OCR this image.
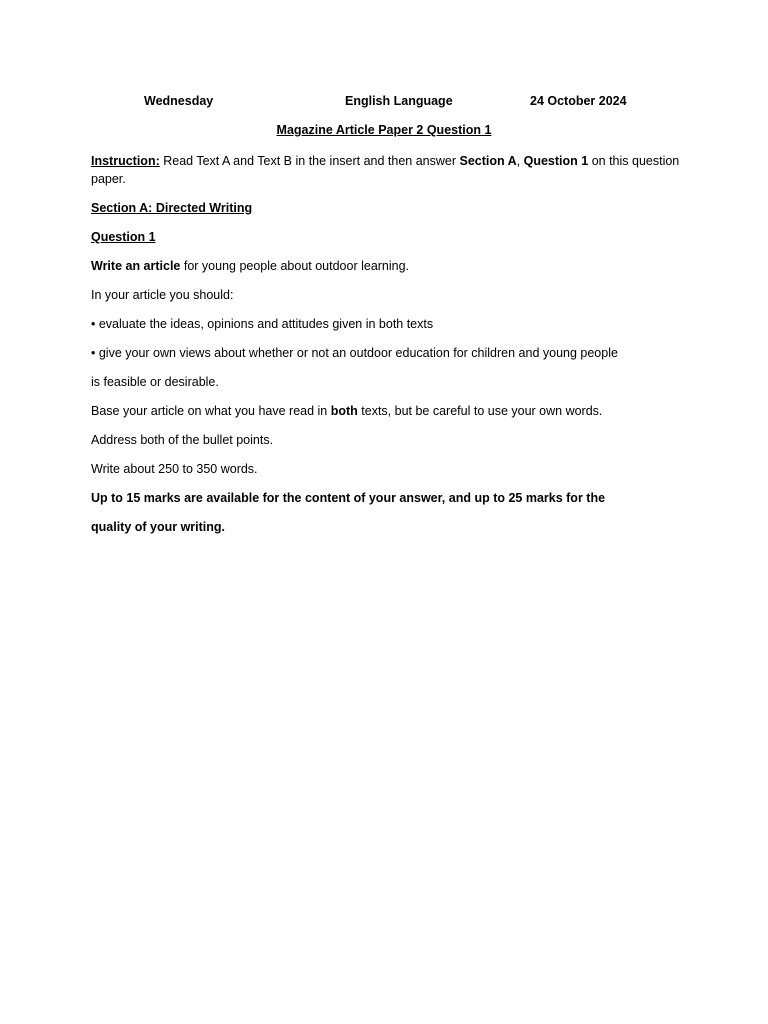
Wednesday	English Language	24 October 2024
Magazine Article Paper 2 Question 1

Instruction: Read Text A and Text B in the insert and then answer Section A, Question 1 on this question paper.

Section A: Directed Writing

Question 1

Write an article for young people about outdoor learning.

In your article you should:

• evaluate the ideas, opinions and attitudes given in both texts

• give your own views about whether or not an outdoor education for children and young people

is feasible or desirable.

Base your article on what you have read in both texts, but be careful to use your own words.

Address both of the bullet points.

Write about 250 to 350 words.

Up to 15 marks are available for the content of your answer, and up to 25 marks for the

quality of your writing.
